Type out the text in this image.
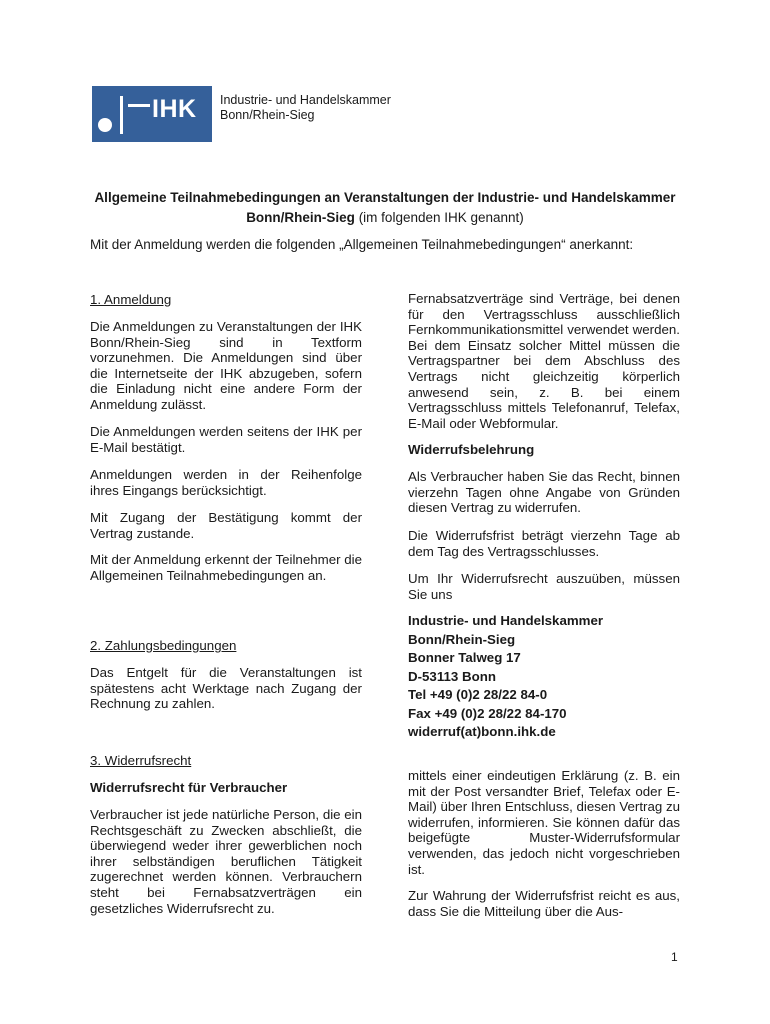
IHK Industrie- und Handelskammer
Bonn/Rhein-Sieg
Allgemeine Teilnahmebedingungen an Veranstaltungen der Industrie- und Handelskammer Bonn/Rhein-Sieg (im folgenden IHK genannt)
Mit der Anmeldung werden die folgenden „Allgemeinen Teilnahmebedingungen“ anerkannt:

1. Anmeldung

Die Anmeldungen zu Veranstaltungen der IHK Bonn/Rhein-Sieg sind in Textform vorzunehmen. Die Anmeldungen sind über die Internetseite der IHK abzugeben, sofern die Einladung nicht eine andere Form der Anmeldung zulässt.

Die Anmeldungen werden seitens der IHK per E-Mail bestätigt.

Anmeldungen werden in der Reihenfolge ihres Eingangs berücksichtigt.

Mit Zugang der Bestätigung kommt der Vertrag zustande.

Mit der Anmeldung erkennt der Teilnehmer die Allgemeinen Teilnahmebedingungen an.

2. Zahlungsbedingungen

Das Entgelt für die Veranstaltungen ist spätestens acht Werktage nach Zugang der Rechnung zu zahlen.

3. Widerrufsrecht

Widerrufsrecht für Verbraucher

Verbraucher ist jede natürliche Person, die ein Rechtsgeschäft zu Zwecken abschließt, die überwiegend weder ihrer gewerblichen noch ihrer selbständigen beruflichen Tätigkeit zugerechnet werden können. Verbrauchern steht bei Fernabsatzverträgen ein gesetzliches Widerrufsrecht zu.

Fernabsatzverträge sind Verträge, bei denen für den Vertragsschluss ausschließlich Fernkommunikationsmittel verwendet werden. Bei dem Einsatz solcher Mittel müssen die Vertragspartner bei dem Abschluss des Vertrags nicht gleichzeitig körperlich anwesend sein, z. B. bei einem Vertragsschluss mittels Telefonanruf, Telefax, E-Mail oder Webformular.

Widerrufsbelehrung

Als Verbraucher haben Sie das Recht, binnen vierzehn Tagen ohne Angabe von Gründen diesen Vertrag zu widerrufen.

Die Widerrufsfrist beträgt vierzehn Tage ab dem Tag des Vertragsschlusses.

Um Ihr Widerrufsrecht auszuüben, müssen Sie uns

Industrie- und Handelskammer
Bonn/Rhein-Sieg
Bonner Talweg 17
D-53113 Bonn
Tel +49 (0)2 28/22 84-0
Fax +49 (0)2 28/22 84-170
widerruf(at)bonn.ihk.de

mittels einer eindeutigen Erklärung (z. B. ein mit der Post versandter Brief, Telefax oder E-Mail) über Ihren Entschluss, diesen Vertrag zu widerrufen, informieren. Sie können dafür das beigefügte Muster-Widerrufsformular verwenden, das jedoch nicht vorgeschrieben ist.

Zur Wahrung der Widerrufsfrist reicht es aus, dass Sie die Mitteilung über die Aus-

1
